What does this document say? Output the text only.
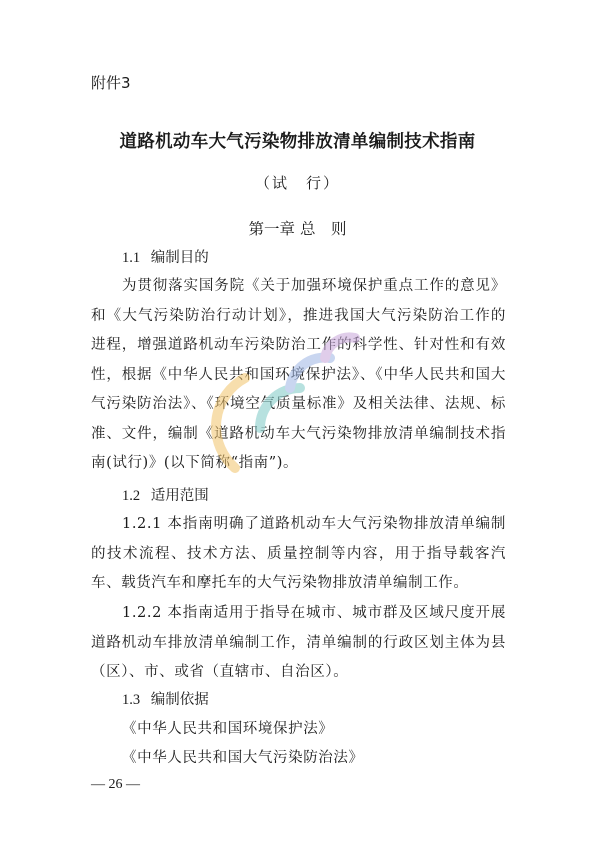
附件3
道路机动车大气污染物排放清单编制技术指南
（试　行）
第一章 总　则
1.1 编制目的

为贯彻落实国务院《关于加强环境保护重点工作的意见》和《大气污染防治行动计划》，推进我国大气污染防治工作的进程，增强道路机动车污染防治工作的科学性、针对性和有效性，根据《中华人民共和国环境保护法》、《中华人民共和国大气污染防治法》、《环境空气质量标准》及相关法律、法规、标准、文件，编制《道路机动车大气污染物排放清单编制技术指南(试行)》(以下简称“指南”)。

1.2 适用范围

1.2.1 本指南明确了道路机动车大气污染物排放清单编制的技术流程、技术方法、质量控制等内容，用于指导载客汽车、载货汽车和摩托车的大气污染物排放清单编制工作。

1.2.2 本指南适用于指导在城市、城市群及区域尺度开展道路机动车排放清单编制工作，清单编制的行政区划主体为县（区）、市、或省（直辖市、自治区）。

1.3 编制依据
《中华人民共和国环境保护法》
《中华人民共和国大气污染防治法》
— 26 —
